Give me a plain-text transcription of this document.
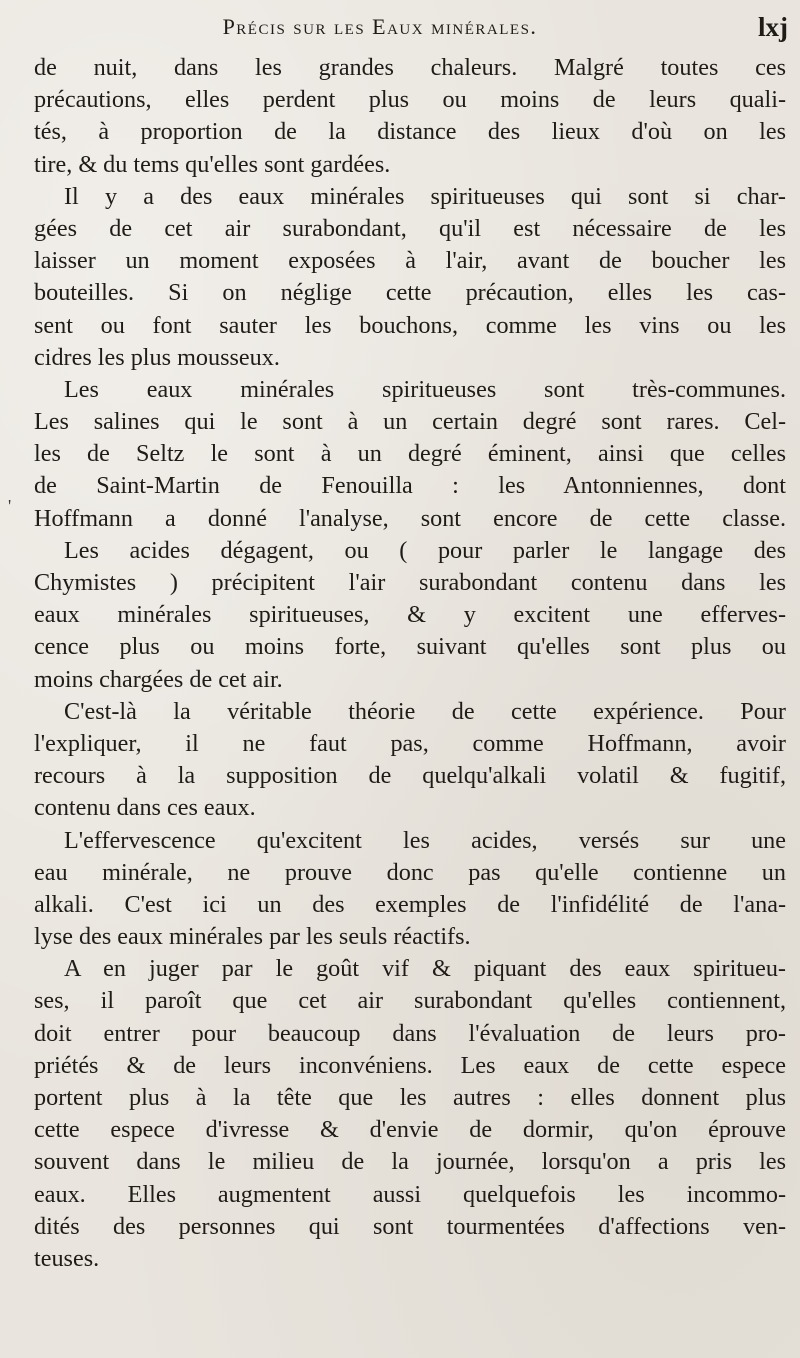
Précis sur les Eaux minérales.	lxj
'
de nuit, dans les grandes chaleurs. Malgré toutes ces
précautions, elles perdent plus ou moins de leurs quali-
tés, à proportion de la distance des lieux d'où on les
tire, & du tems qu'elles sont gardées.
Il y a des eaux minérales spiritueuses qui sont si char-
gées de cet air surabondant, qu'il est nécessaire de les
laisser un moment exposées à l'air, avant de boucher les
bouteilles. Si on néglige cette précaution, elles les cas-
sent ou font sauter les bouchons, comme les vins ou les
cidres les plus mousseux.
Les eaux minérales spiritueuses sont très-communes.
Les salines qui le sont à un certain degré sont rares. Cel-
les de Seltz le sont à un degré éminent, ainsi que celles
de Saint-Martin de Fenouilla : les Antonniennes, dont
Hoffmann a donné l'analyse, sont encore de cette classe.
Les acides dégagent, ou ( pour parler le langage des
Chymistes ) précipitent l'air surabondant contenu dans les
eaux minérales spiritueuses, & y excitent une efferves-
cence plus ou moins forte, suivant qu'elles sont plus ou
moins chargées de cet air.
C'est-là la véritable théorie de cette expérience. Pour
l'expliquer, il ne faut pas, comme Hoffmann, avoir
recours à la supposition de quelqu'alkali volatil & fugitif,
contenu dans ces eaux.
L'effervescence qu'excitent les acides, versés sur une
eau minérale, ne prouve donc pas qu'elle contienne un
alkali. C'est ici un des exemples de l'infidélité de l'ana-
lyse des eaux minérales par les seuls réactifs.
A en juger par le goût vif & piquant des eaux spiritueu-
ses, il paroît que cet air surabondant qu'elles contiennent,
doit entrer pour beaucoup dans l'évaluation de leurs pro-
priétés & de leurs inconvéniens. Les eaux de cette espece
portent plus à la tête que les autres : elles donnent plus
cette espece d'ivresse & d'envie de dormir, qu'on éprouve
souvent dans le milieu de la journée, lorsqu'on a pris les
eaux. Elles augmentent aussi quelquefois les incommo-
dités des personnes qui sont tourmentées d'affections ven-
teuses.
